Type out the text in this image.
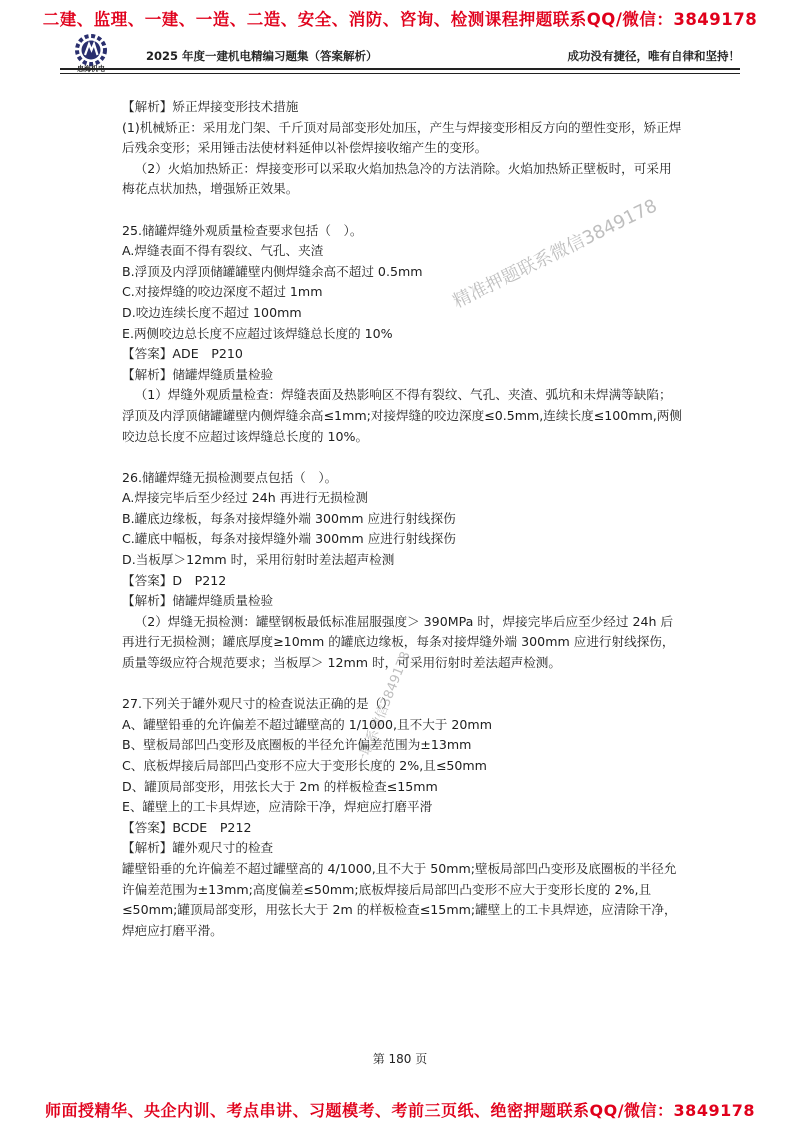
二建、监理、一建、一造、二造、安全、消防、咨询、检测课程押题联系QQ/微信：3849178
忠海机电
2025 年度一建机电精编习题集（答案解析）	成功没有捷径，唯有自律和坚持！

【解析】矫正焊接变形技术措施

(1)机械矫正：采用龙门架、千斤顶对局部变形处加压，产生与焊接变形相反方向的塑性变形，矫正焊后残余变形；采用锤击法使材料延伸以补偿焊接收缩产生的变形。

（2）火焰加热矫正：焊接变形可以采取火焰加热急冷的方法消除。火焰加热矫正壁板时，可采用梅花点状加热，增强矫正效果。

25.储罐焊缝外观质量检查要求包括（　）。

A.焊缝表面不得有裂纹、气孔、夹渣

B.浮顶及内浮顶储罐罐壁内侧焊缝余高不超过 0.5mm

C.对接焊缝的咬边深度不超过 1mm

D.咬边连续长度不超过 100mm

E.两侧咬边总长度不应超过该焊缝总长度的 10%

【答案】ADE　P210

【解析】储罐焊缝质量检验

（1）焊缝外观质量检查：焊缝表面及热影响区不得有裂纹、气孔、夹渣、弧坑和未焊满等缺陷；浮顶及内浮顶储罐罐壁内侧焊缝余高≤1mm;对接焊缝的咬边深度≤0.5mm,连续长度≤100mm,两侧咬边总长度不应超过该焊缝总长度的 10%。

26.储罐焊缝无损检测要点包括（　）。

A.焊接完毕后至少经过 24h 再进行无损检测

B.罐底边缘板，每条对接焊缝外端 300mm 应进行射线探伤

C.罐底中幅板，每条对接焊缝外端 300mm 应进行射线探伤

D.当板厚＞12mm 时，采用衍射时差法超声检测

【答案】D　P212

【解析】储罐焊缝质量检验

（2）焊缝无损检测：罐壁钢板最低标准屈服强度＞ 390MPa 时，焊接完毕后应至少经过 24h 后再进行无损检测；罐底厚度≥10mm 的罐底边缘板，每条对接焊缝外端 300mm 应进行射线探伤，质量等级应符合规范要求；当板厚＞ 12mm 时，可采用衍射时差法超声检测。

27.下列关于罐外观尺寸的检查说法正确的是（）

A、罐壁铅垂的允许偏差不超过罐壁高的 1/1000,且不大于 20mm

B、壁板局部凹凸变形及底圈板的半径允许偏差范围为±13mm

C、底板焊接后局部凹凸变形不应大于变形长度的 2%,且≤50mm

D、罐顶局部变形，用弦长大于 2m 的样板检查≤15mm

E、罐壁上的工卡具焊迹，应清除干净，焊疤应打磨平滑

【答案】BCDE　P212

【解析】罐外观尺寸的检查

罐壁铅垂的允许偏差不超过罐壁高的 4/1000,且不大于 50mm;壁板局部凹凸变形及底圈板的半径允许偏差范围为±13mm;高度偏差≤50mm;底板焊接后局部凹凸变形不应大于变形长度的 2%,且≤50mm;罐顶局部变形，用弦长大于 2m 的样板检查≤15mm;罐壁上的工卡具焊迹，应清除干净，焊疤应打磨平滑。

精准押题联系微信3849178
一联系微信3849178
第 180 页
师面授精华、央企内训、考点串讲、习题模考、考前三页纸、绝密押题联系QQ/微信：3849178
